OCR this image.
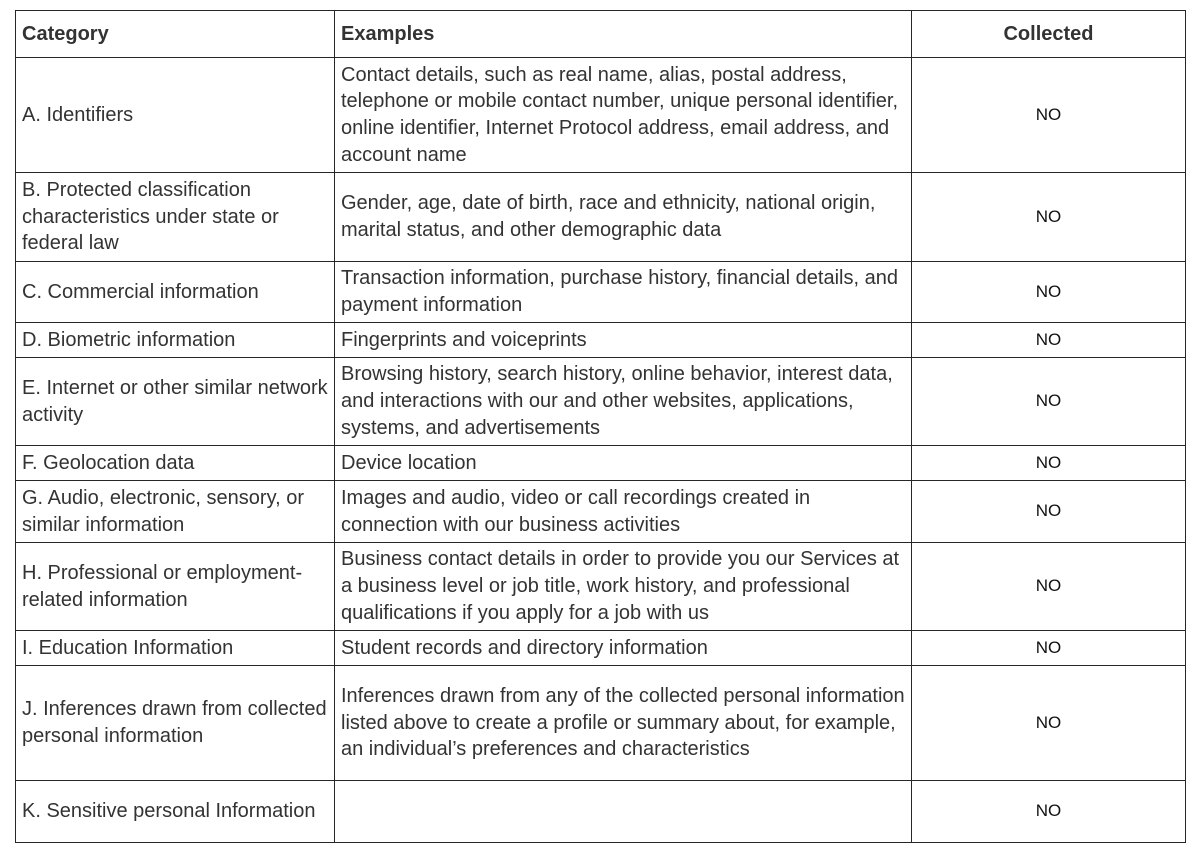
Category	Examples	Collected
A. Identifiers	Contact details, such as real name, alias, postal address, telephone or mobile contact number, unique personal identifier, online identifier, Internet Protocol address, email address, and account name	NO
B. Protected classification characteristics under state or federal law	Gender, age, date of birth, race and ethnicity, national origin, marital status, and other demographic data	NO
C. Commercial information	Transaction information, purchase history, financial details, and payment information	NO
D. Biometric information	Fingerprints and voiceprints	NO
E. Internet or other similar network activity	Browsing history, search history, online behavior, interest data, and interactions with our and other websites, applications, systems, and advertisements	NO
F. Geolocation data	Device location	NO
G. Audio, electronic, sensory, or similar information	Images and audio, video or call recordings created in connection with our business activities	NO
H. Professional or employment-related information	Business contact details in order to provide you our Services at a business level or job title, work history, and professional qualifications if you apply for a job with us	NO
I. Education Information	Student records and directory information	NO
J. Inferences drawn from collected personal information	Inferences drawn from any of the collected personal information listed above to create a profile or summary about, for example, an individual’s preferences and characteristics	NO
K. Sensitive personal Information		NO
